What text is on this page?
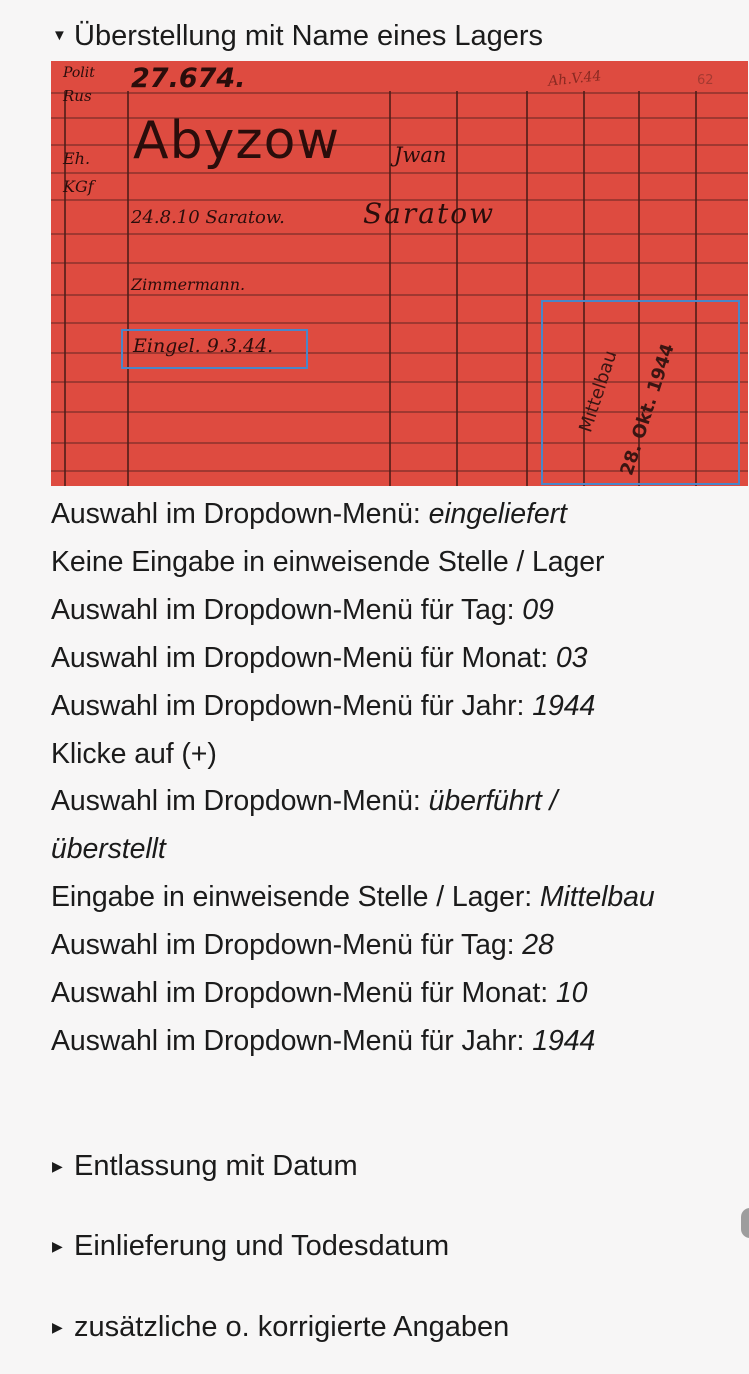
▼ Überstellung mit Name eines Lagers
Polit
Rus
27.674.	Ah.V.44	62
Eh.
KGf
Abyzow	Jwan
24.8.10 Saratow.	Saratow
Zimmermann.
Eingel. 9.3.44.
Mittelbau
28. Okt. 1944

Auswahl im Dropdown-Menü: eingeliefert

Keine Eingabe in einweisende Stelle / Lager

Auswahl im Dropdown-Menü für Tag: 09

Auswahl im Dropdown-Menü für Monat: 03

Auswahl im Dropdown-Menü für Jahr: 1944

Klicke auf (+)

Auswahl im Dropdown-Menü: überführt /

überstellt

Eingabe in einweisende Stelle / Lager: Mittelbau

Auswahl im Dropdown-Menü für Tag: 28

Auswahl im Dropdown-Menü für Monat: 10

Auswahl im Dropdown-Menü für Jahr: 1944

▶ Entlassung mit Datum
▶ Einlieferung und Todesdatum
▶ zusätzliche o. korrigierte Angaben
